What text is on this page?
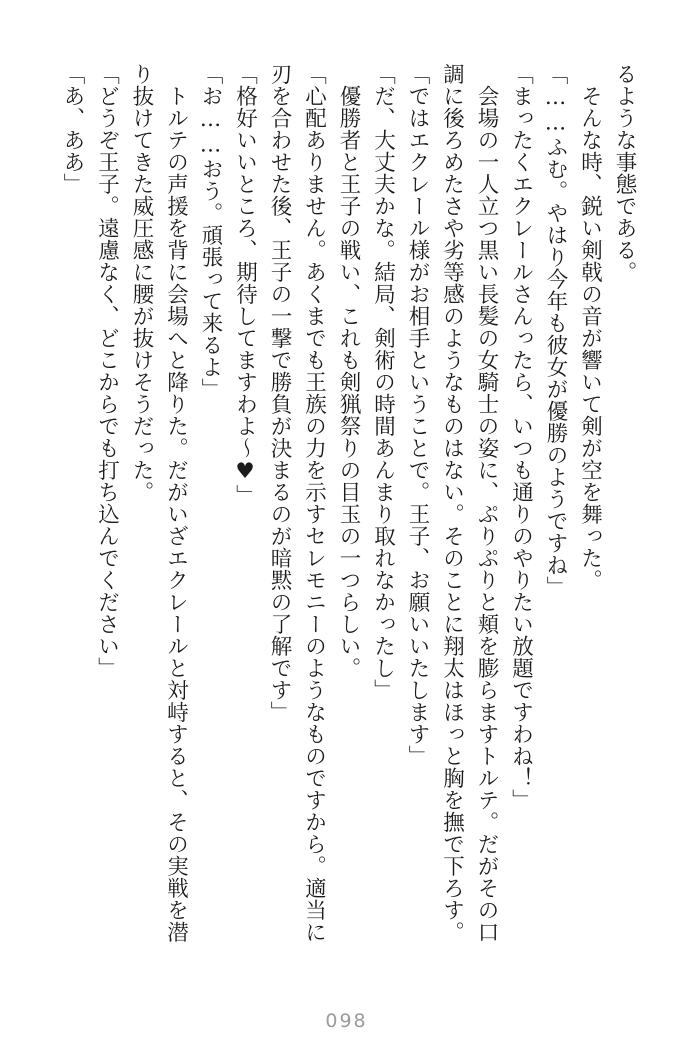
るような事態である。
　そんな時、鋭い剣戟の音が響いて剣が空を舞った。
「……ふむ。やはり今年も彼女が優勝のようですね」
「まったくエクレールさんったら、いつも通りのやりたい放題ですわね！」
　会場の一人立つ黒い長髪の女騎士の姿に、ぷりぷりと頬を膨らますトルテ。だがその口
調に後ろめたさや劣等感のようなものはない。そのことに翔太はほっと胸を撫で下ろす。
「ではエクレール様がお相手ということで。王子、お願いいたします」
「だ、大丈夫かな。結局、剣術の時間あんまり取れなかったし」
　優勝者と王子の戦い、これも剣猟祭りの目玉の一つらしい。
「心配ありません。あくまでも王族の力を示すセレモニーのようなものですから。適当に
刃を合わせた後、王子の一撃で勝負が決まるのが暗黙の了解です」
「格好いいところ、期待してますわよ～♥」
「お……おう。頑張って来るよ」
　トルテの声援を背に会場へと降りた。だがいざエクレールと対峙すると、その実戦を潜
り抜けてきた威圧感に腰が抜けそうだった。
「どうぞ王子。遠慮なく、どこからでも打ち込んでください」
「あ、ああ」
098
